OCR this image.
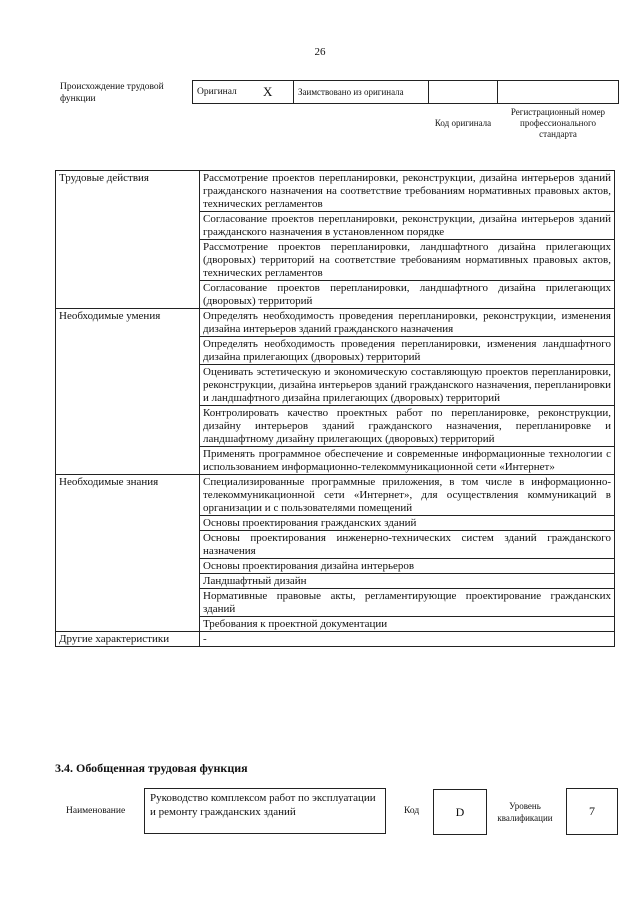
26
Происхождение трудовой функции
Оригинал	X	Заимствовано из оригинала		
			Код оригинала	Регистрационный номер профессионального стандарта
Трудовые действия	Рассмотрение проектов перепланировки, реконструкции, дизайна интерьеров зданий гражданского назначения на соответствие требованиям нормативных правовых актов, технических регламентов
	Согласование проектов перепланировки, реконструкции, дизайна интерьеров зданий гражданского назначения в установленном порядке
	Рассмотрение проектов перепланировки, ландшафтного дизайна прилегающих (дворовых) территорий на соответствие требованиям нормативных правовых актов, технических регламентов
	Согласование проектов перепланировки, ландшафтного дизайна прилегающих (дворовых) территорий
Необходимые умения	Определять необходимость проведения перепланировки, реконструкции, изменения дизайна интерьеров зданий гражданского назначения
	Определять необходимость проведения перепланировки, изменения ландшафтного дизайна прилегающих (дворовых) территорий
	Оценивать эстетическую и экономическую составляющую проектов перепланировки, реконструкции, дизайна интерьеров зданий гражданского назначения, перепланировки и ландшафтного дизайна прилегающих (дворовых) территорий
	Контролировать качество проектных работ по перепланировке, реконструкции, дизайну интерьеров зданий гражданского назначения, перепланировке и ландшафтному дизайну прилегающих (дворовых) территорий
	Применять программное обеспечение и современные информационные технологии с использованием информационно-телекоммуникационной сети «Интернет»
Необходимые знания	Специализированные программные приложения, в том числе в информационно-телекоммуникационной сети «Интернет», для осуществления коммуникаций в организации и с пользователями помещений
	Основы проектирования гражданских зданий
	Основы проектирования инженерно-технических систем зданий гражданского назначения
	Основы проектирования дизайна интерьеров
	Ландшафтный дизайн
	Нормативные правовые акты, регламентирующие проектирование гражданских зданий
	Требования к проектной документации
Другие характеристики	-
3.4. Обобщенная трудовая функция
Наименование
Руководство комплексом работ по эксплуатации и ремонту гражданских зданий	Код	D	Уровень квалификации	7
